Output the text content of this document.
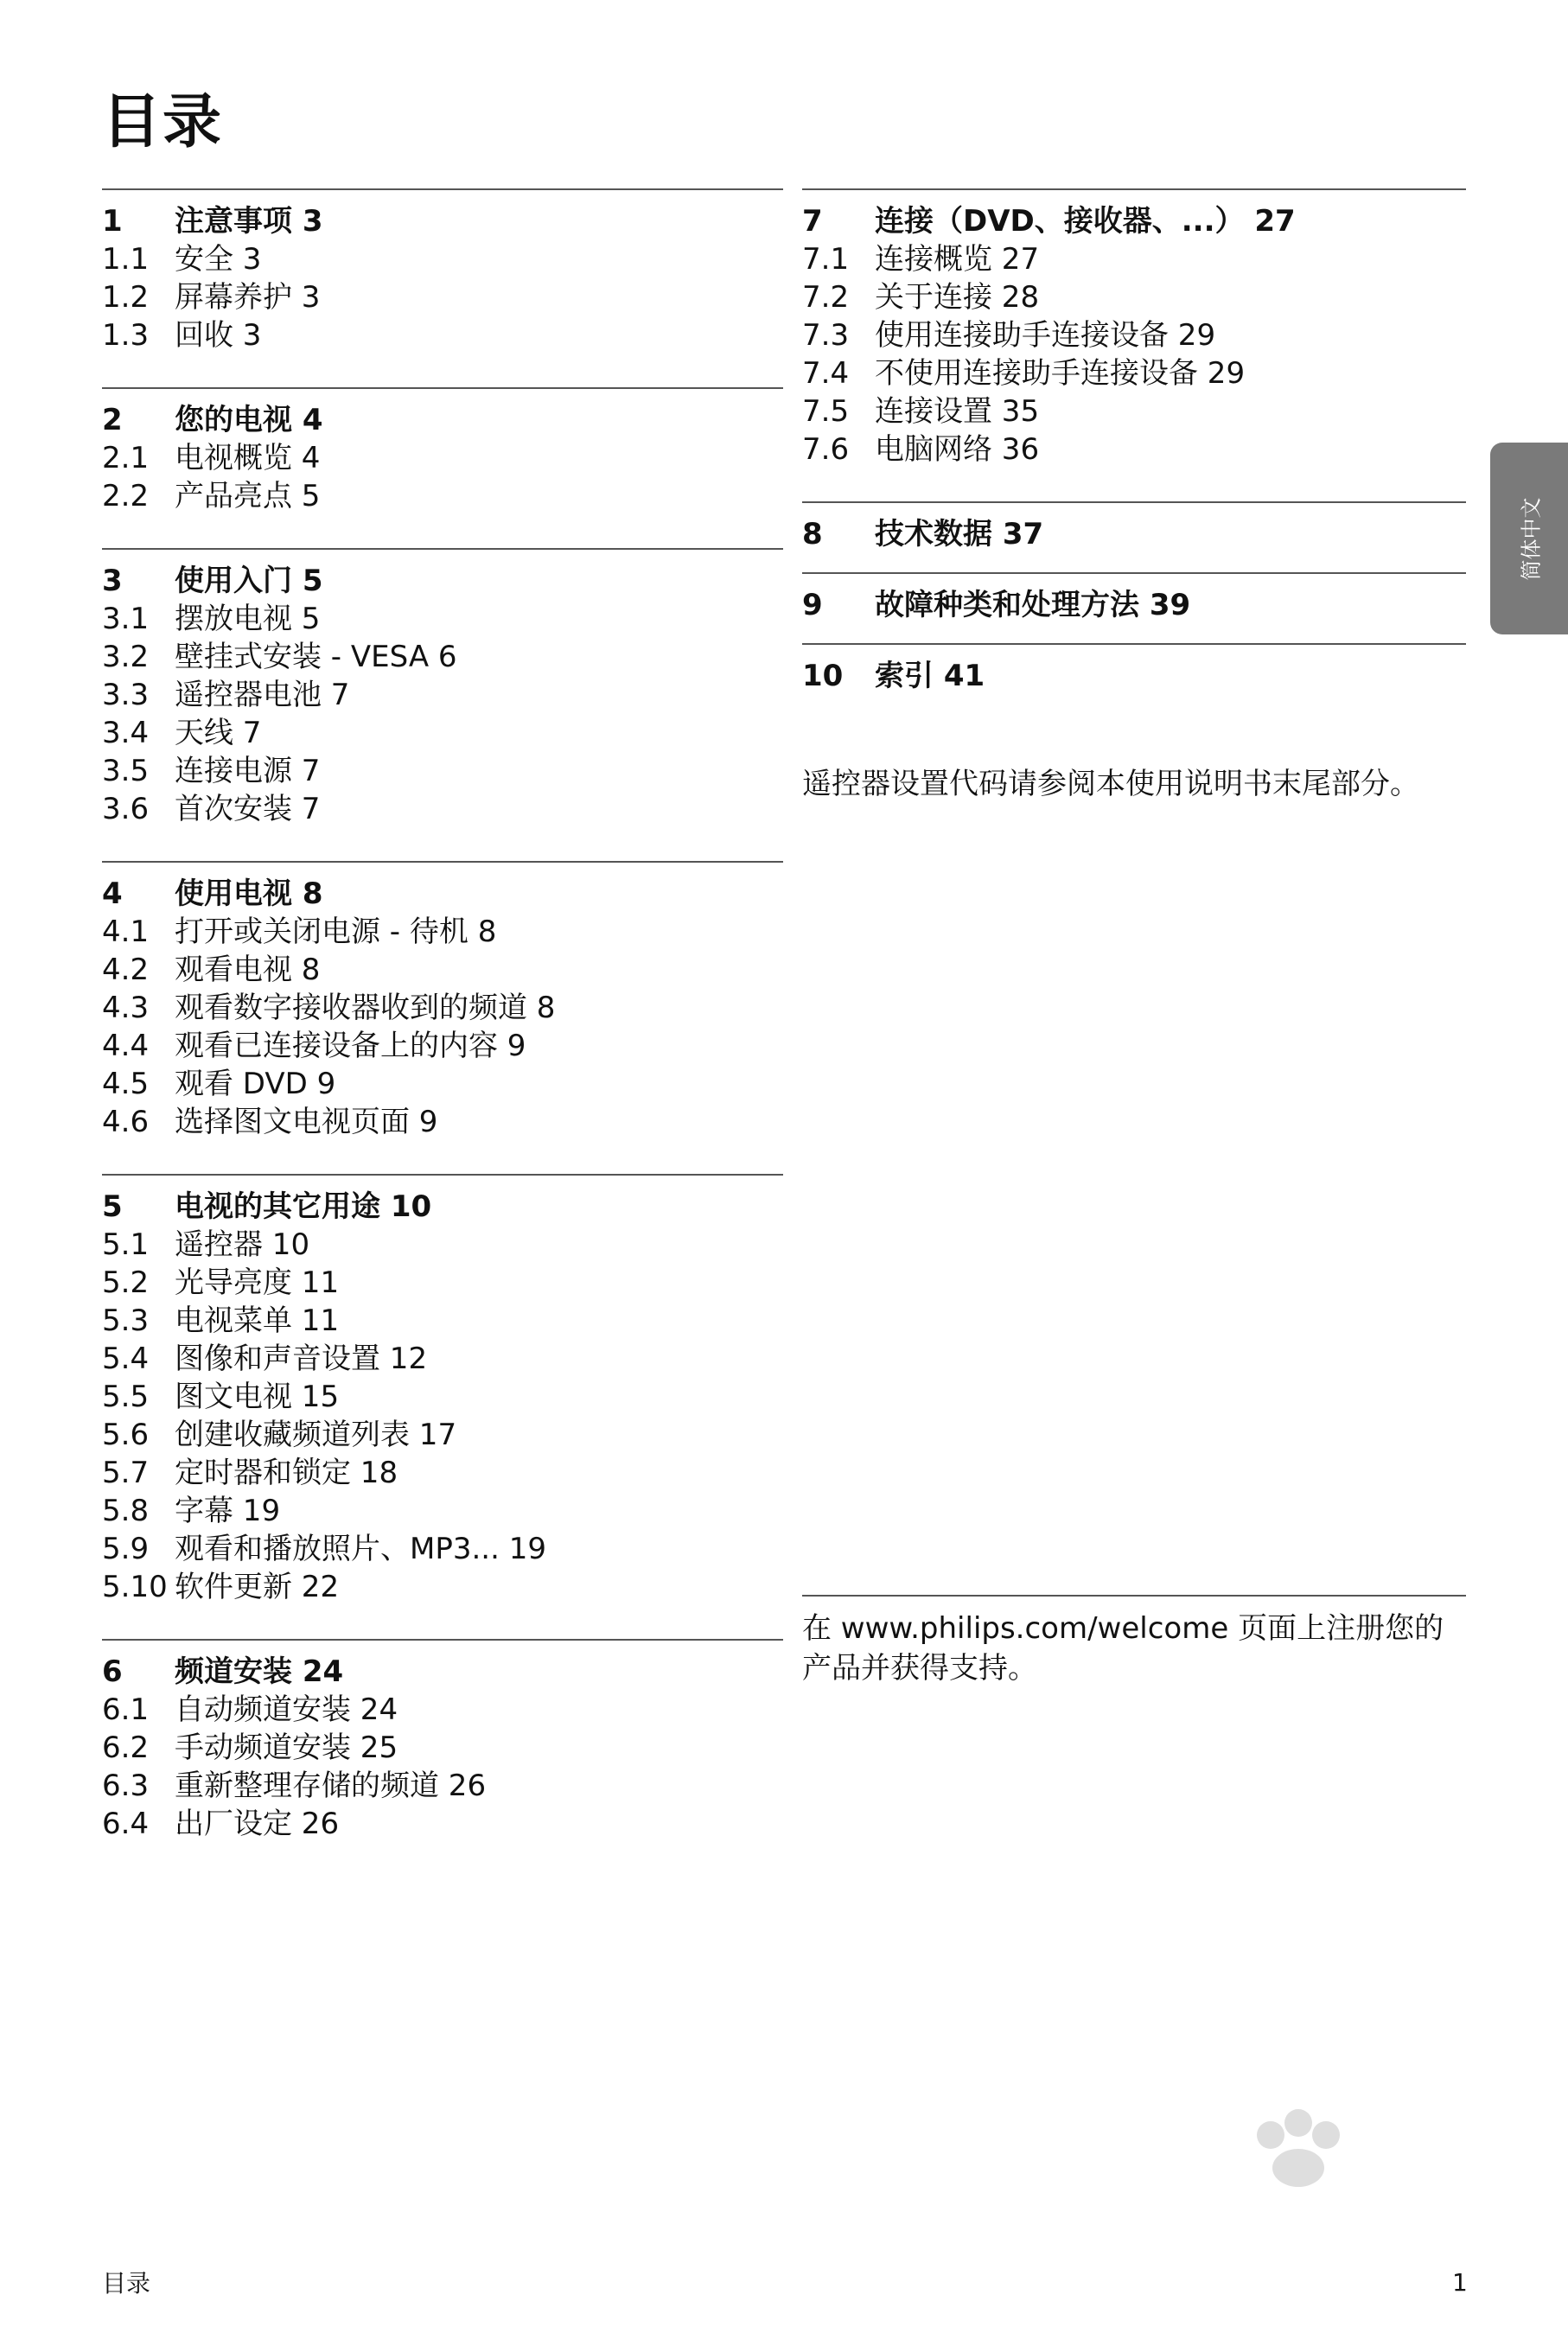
目录
1	注意事项 3
1.1 安全 3
1.2 屏幕养护 3
1.3 回收 3
2	您的电视 4
2.1 电视概览 4
2.2 产品亮点 5
3	使用入门 5
3.1 摆放电视 5
3.2 壁挂式安装 - VESA 6
3.3 遥控器电池 7
3.4 天线 7
3.5 连接电源 7
3.6 首次安装 7
4	使用电视 8
4.1 打开或关闭电源 - 待机 8
4.2 观看电视 8
4.3 观看数字接收器收到的频道 8
4.4 观看已连接设备上的内容 9
4.5 观看 DVD 9
4.6 选择图文电视页面 9
5	电视的其它用途 10
5.1 遥控器 10
5.2 光导亮度 11
5.3 电视菜单 11
5.4 图像和声音设置 12
5.5 图文电视 15
5.6 创建收藏频道列表 17
5.7 定时器和锁定 18
5.8 字幕 19
5.9 观看和播放照片、MP3... 19
5.10 软件更新 22
6	频道安装 24
6.1 自动频道安装 24
6.2 手动频道安装 25
6.3 重新整理存储的频道 26
6.4 出厂设定 26
7	连接（DVD、接收器、...） 27
7.1 连接概览 27
7.2 关于连接 28
7.3 使用连接助手连接设备 29
7.4 不使用连接助手连接设备 29
7.5 连接设置 35
7.6 电脑网络 36
8	技术数据 37
9	故障种类和处理方法 39
10	索引 41
遥控器设置代码请参阅本使用说明书末尾部分。
简体中文
在 www.philips.com/welcome 页面上注册您的产品并获得支持。
目录	1
